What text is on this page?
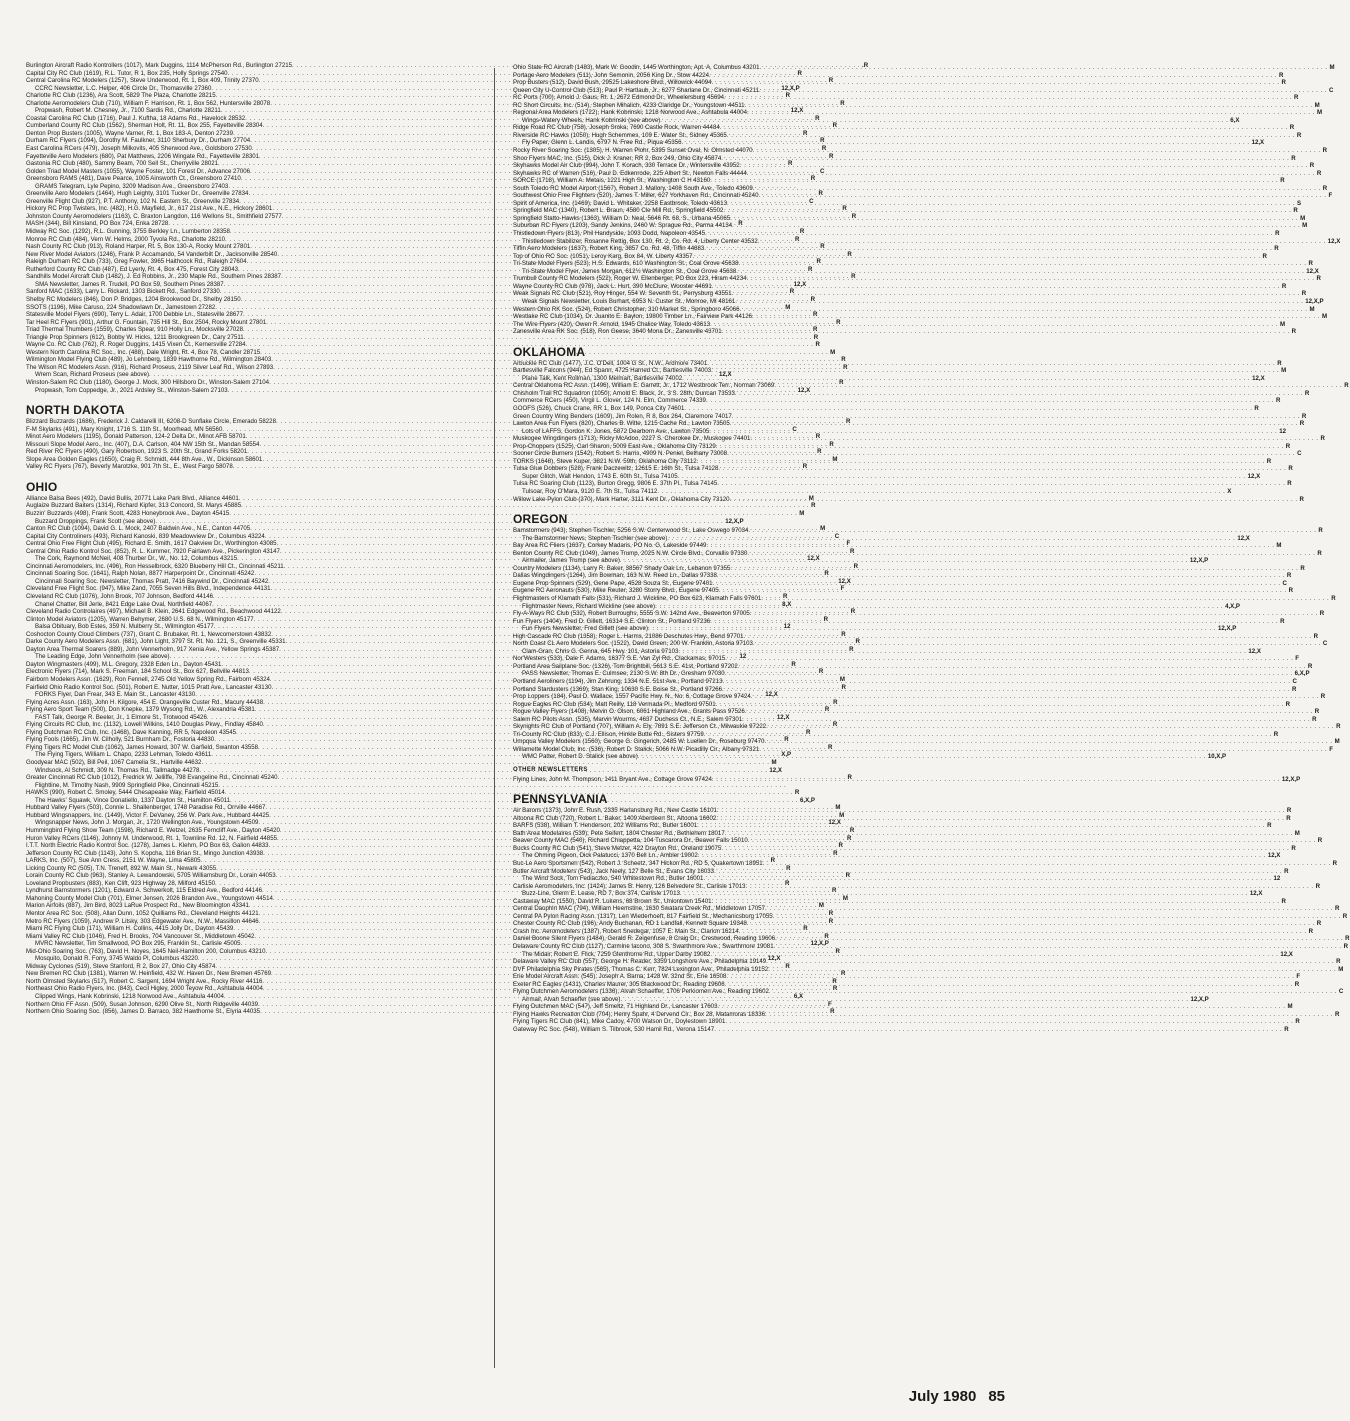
Burlington Aircraft Radio Kontrollers (1017), Mark Duggins, 1114 McPherson Rd., Burlington 27215 . . .	.R
Capital City RC Club (1619), R.L. Tutor, R 1, Box 235, Holly Springs 27540 . . .	R
Central Carolina RC Modelers (1257), Steve Underwood, Rt. 1, Box 409, Trinity 27370 . . .	R
CCRC Newsletter, L.C. Helper, 406 Circle Dr., Thomasville 27360 . . .	12,X,P
Charlotte RC Club (1236), Ara Scott, 5829 The Plaza, Charlotte 28215 . . .	R
Charlotte Aeromodelers Club (710), William F. Harrison, Rt. 1, Box 562, Huntersville 28078 . . .	R
Propwash, Robert M. Chesney, Jr., 7100 Sardis Rd., Charlotte 28211 . . .	12,X
Coastal Carolina RC Club (1716), Paul J. Kuftha, 18 Adams Rd., Havelock 28532 . . .	R
Cumberland County RC Club (1562), Sherman Holt, Rt. 11, Box 255, Fayetteville 28304 . . .	R
Denton Prop Busters (1005), Wayne Varner, Rt. 1, Box 183-A, Denton 27239 . . .	R
Durham RC Flyers (1094), Dorothy M. Faulkner, 3110 Sherbury Dr., Durham 27704 . . .	R
East Carolina RCers (479), Joseph Milkovits, 405 Sherwood Ave., Goldsboro 27530 . . .	R
Fayetteville Aero Modelers (680), Pat Matthews, 2206 Wingate Rd., Fayetteville 28301 . . .	R
Gastonia RC Club (480), Sammy Beam, 700 Sell St., Cherryville 28021 . . .	R
Golden Triad Model Masters (1055), Wayne Foster, 101 Forest Dr., Advance 27006 . . .	C
Greensboro RAMS (481), Dave Pearce, 1005 Ainsworth Ct., Greensboro 27410 . . .	R
GRAMS Telegram, Lyle Pepino, 3209 Madison Ave., Greensboro 27403
. . .
Greenville Aero Modelers (1464), Hugh Leighty, 3101 Tucker Dr., Greenville 27834 . . .	R
Greenville Flight Club (927), P.T. Anthony, 102 N. Eastern St., Greenville 27834 . . .	C
Hickory RC Prop Twisters, Inc. (482), H.G. Mayfield, Jr., 617 21st Ave., N.E., Hickory 28601 . . .	R
Johnston County Aeromodelers (1163), C. Braxton Langdon, 116 Wellons St., Smithfield 27577 . . .	R
MASH (344), Bill Kinsland, PO Box 724, Enka 28728 . . .	R
Midway RC Soc. (1292), R.L. Gunning, 3755 Berkley Ln., Lumberton 28358 . . .	R
Monroe RC Club (484), Vern W. Helms, 2000 Tyvola Rd., Charlotte 28210 . . .	R
Nash County RC Club (913), Roland Harper, Rt. 5, Box 130-A, Rocky Mount 27801 . . .	R
New River Model Aviators (1246), Frank P. Accamando, 54 Vanderbilt Dr., Jacksonville 28540 . . .	R
Raleigh Durham RC Club (733), Greg Fowler, 3965 Haithcock Rd., Raleigh 27604 . . .	R
Rutherford County RC Club (487), Ed Lyerly, Rt. 4, Box 475, Forest City 28043 . . .	R
Sandhills Model Aircraft Club (1482), J. Ed Robbins, Jr., 230 Maple Rd., Southern Pines 28387 . . .	R
SMA Newsletter, James R. Trudell, PO Box 59, Southern Pines 28387 . . .	12,X
Sanford MAC (1633), Larry L. Rickard, 1303 Bickett Rd., Sanford 27330 . . .	R
Shelby RC Modelers (846), Don P. Bridges, 1204 Brookwood Dr., Shelby 28150 . . .	R
SSOTS (1196), Mike Caruso, 224 Shadowlawn Dr., Jamestown 27282 . . .	M
Statesville Model Flyers (690), Terry L. Adair, 1700 Debbie Ln., Statesville 28677 . . .	R
Tar Heel RC Flyers (901), Arthur G. Fountain, 735 Hill St., Box 2504, Rocky Mount 27801 . . .	R
Triad Thermal Thumbers (1559), Charles Spear, 910 Holly Ln., Mocksville 27028 . . .	R
Triangle Prop Spinners (612), Bobby W. Hicks, 1211 Brookgreen Dr., Cary 27511 . . .	R
Wayne Co. RC Club (762), R. Roger Duggins, 1415 Vixen Ct., Kernersville 27284 . . .	R
Western North Carolina RC Soc., Inc. (488), Dale Wright, Rt. 4, Box 78, Candler 28715 . . .	M
Wilmington Model Flying Club (489), Jo Lehnberg, 1839 Hawthorne Rd., Wilmington 28403 . . .	R
The Wilson RC Modelers Assn. (916), Richard Proseus, 2119 Silver Leaf Rd., Wilson 27893 . . .	R
Wrem Scan, Richard Proseus (see above) . . .	12,X
Winston-Salem RC Club (1180), George J. Mock, 300 Hillsboro Dr., Winston-Salem 27104 . . .	R
Propwash, Tom Coppedge, Jr., 2021 Ardsley St., Winston-Salem 27103 . . .	12,X
NORTH DAKOTA
Blizzard Buzzards (1686), Frederick J. Caldarelli III, 6208-D Sunflake Circle, Emerado 58228 . . .	R
F-M Skylarks (491), Mary Knight, 1716 S. 11th St., Moorhead, MN 56560 . . .	C
Minot Aero Modelers (1195), Donald Patterson, 124-2 Delta Dr., Minot AFB 58701 . . .	R
Missouri Slope Model Aero., Inc. (407), D.A. Carlson, 404 NW 15th St., Mandan 58554 . . .	R
Red River RC Flyers (490), Gary Robertson, 1923 S. 20th St., Grand Forks 58201 . . .	R
Slope Area Golden Eagles (1650), Craig R. Schmidt, 444 8th Ave., W., Dickinson 58601 . . .	M
Valley RC Flyers (767), Beverly Marotzke, 901 7th St., E., West Fargo 58078 . . .	R
OHIO
Alliance Balsa Bees (492), David Bullis, 20771 Lake Park Blvd., Alliance 44601 . . .	M
Auglaize Buzzard Baiters (1314), Richard Kipfer, 313 Concord, St. Marys 45885 . . .	R
Buzzin' Buzzards (498), Frank Scott, 4283 Honeybrook Ave., Dayton 45415 . . .	M
Buzzard Droppings, Frank Scott (see above) . . .	12,X,P
Canton RC Club (1094), David G. L. Mock, 2407 Baldwin Ave., N.E., Canton 44705 . . .	M
Capital City Controliners (493), Richard Kanoski, 839 Meadowview Dr., Columbus 43224 . . .	C
Central Ohio Free Flight Club (495), Richard E. Smith, 1617 Oakview Dr., Worthington 43085 . . .	F
Central Ohio Radio Kontrol Soc. (852), R. L. Kummer, 7920 Fairlawn Ave., Pickerington 43147 . . .	R
The Cork, Raymond McNeil, 408 Thurber Dr., W., No. 12, Columbus 43215 . . .	12,X
Cincinnati Aeromodelers, Inc. (496), Ron Hesselbrock, 6320 Blueberry Hill Ct., Cincinnati 45211 . . .	R
Cincinnati Soaring Soc. (1641), Ralph Nolan, 8877 Harperpoint Dr., Cincinnati 45242 . . .	R
Cincinnati Soaring Soc. Newsletter, Thomas Pratt, 7416 Baywind Dr., Cincinnati 45242 . . .	12,X
Cleveland Free Flight Soc. (947), Mike Zand, 7055 Seven Hills Blvd., Independence 44131 . . .	F
Cleveland RC Club (1076), John Brook, 707 Johnson, Bedford 44146 . . .	R
Chanel Chatter, Bill Jerle, 8421 Edge Lake Oval, Northfield 44067 . . .	8,X
Cleveland Radio Controlaires (497), Michael B. Klein, 2641 Edgewood Rd., Beachwood 44122 . . .	R
Clinton Model Aviators (1205), Warren Behymer, 2680 U.S. 68 N., Wilmington 45177 . . .	R
Balsa Obituary, Bob Estes, 359 N. Mulberry St., Wilmington 45177 . . .	12
Coshocton County Cloud Climbers (737), Grant C. Brubaker, Rt. 1, Newcomerstown 43832 . . .	R
Darke County Aero Modelers Assn. (681), John Light, 3797 St. Rt. No. 121, S., Greenville 45331 . . .	R
Dayton Area Thermal Soarers (889), John Vennerholm, 917 Xenia Ave., Yellow Springs 45387 . . .	R
The Leading Edge, John Vennerholm (see above) . . .	12
Dayton Wingmasters (499), M.L. Gregory, 2328 Eden Ln., Dayton 45431 . . .	R
Electronic Flyers (714), Mark S. Freeman, 184 School St., Box 627, Bellville 44813 . . .	R
Fairborn Modelers Assn. (1629), Ron Fennell, 2745 Old Yellow Spring Rd., Fairborn 45324 . . .	M
Fairfield Ohio Radio Kontrol Soc. (501), Robert E. Nutter, 1015 Pratt Ave., Lancaster 43130 . . .	R
FORKS Flyer, Dan Frear, 343 E. Main St., Lancaster 43130 . . .	12,X
Flying Acres Assn. (163), John H. Kilgore, 454 E. Orangeville Custer Rd., Macury 44438 . . .	R
Flying Aero Sport Team (500), Don Knepke, 1379 Wysong Rd., W., Alexandria 45381 . . .	R
FAST Talk, George R. Beeler, Jr., 1 Elmore St., Trotwood 45426 . . .	12,X
Flying Circuits RC Club, Inc. (1132), Lowell Wilkins, 1410 Douglas Pkwy., Findlay 45840 . . .	R
Flying Dutchman RC Club, Inc. (1468), Dave Kanning, RR 5, Napoleon 43545 . . .	R
Flying Fools (1665), Jim W. Cilholly, 521 Burnham Dr., Fostoria 44830 . . .	R
Flying Tigers RC Model Club (1062), James Howard, 307 W. Garfield, Swanton 43558 . . .	R
The Flying Tigers, William L. Chapo, 2233 Lehman, Toledo 43611 . . .	X,P
Goodyear MAC (502), Bill Peil, 1067 Camelia St., Hartville 44632 . . .	M
Windsock, Al Schmidt, 309 N. Thomas Rd., Tallmadge 44278 . . .	12,X
Greater Cincinnati RC Club (1012), Fredrick W. Jelliffe, 798 Evangeline Rd., Cincinnati 45240 . . .	R
Flightline, M. Timothy Nash, 9909 Springfield Pike, Cincinnati 45215
. . .
HAWKS (990), Robert C. Smoley, 5444 Chesapeake Way, Fairfield 45014 . . .	R
The Hawks' Squawk, Vince Donatiello, 1337 Dayton St., Hamilton 45011 . . .	6,X,P
Hubbard Valley Flyers (503), Connie L. Shallenberger, 1748 Paradise Rd., Orrville 44667 . . .	M
Hubbard Wingsnappers, Inc. (1449), Victor F. DeVaney, 256 W. Park Ave., Hubbard 44425 . . .	M
Wingsnapper News, John J. Morgan, Jr., 1720 Wellington Ave., Youngstown 44509 . . .	12,X
Hummingbird Flying Show Team (1598), Richard E. Wetzel, 2635 Ferncliff Ave., Dayton 45420 . . .	R
Huron Valley RCers (1146), Johnny M. Underwood, Rt. 1, Townline Rd. 12, N. Fairfield 44855 . . .	R
I.T.T. North Electric Radio Kontrol Soc. (1278), James L. Klehm, PO Box 63, Galion 44833 . . .	R
Jefferson County RC Club (1143), John S. Kopcha, 116 Brian St., Mingo Junction 43938 . . .	R
LARKS, Inc. (507), Sue Ann Cress, 2151 W. Wayne, Lima 45805 . . .	R
Licking County RC (505), T.N. Treneff, 892 W. Main St., Newark 43055 . . .	R
Lorain County RC Club (963), Stanley A. Lewandowski, 5705 Williamsburg Dr., Lorain 44053 . . .	R
Loveland Propbusters (883), Ken Clift, 923 Highway 28, Milford 45150 . . .	R
Lyndhurst Barnstormers (1201), Edward A. Schwerkolt, 115 Eldred Ave., Bedford 44146 . . .	R
Mahoning County Model Club (701), Elmer Jensen, 2026 Brandon Ave., Youngstown 44514 . . .	M
Marion Airfoils (887), Jim Bird, 8023 LaRue Prospect Rd., New Bloomington 43341 . . .	M
Mentor Area RC Soc. (508), Allan Dunn, 1052 Quilliams Rd., Cleveland Heights 44121 . . .	R
Metro RC Flyers (1059), Andrew P. Litsky, 303 Edgewater Ave., N.W., Massillon 44646 . . .	R
Miami RC Flying Club (171), William H. Collins, 4415 Jolly Dr., Dayton 45439 . . .	R
Miami Valley RC Club (1046), Fred H. Brooks, 704 Vancouver St., Middletown 45042 . . .	R
MVRC Newsletter, Tim Smallwood, PO Box 295, Franklin St., Carlisle 45005 . . .	12,X,P
Mid-Ohio Soaring Soc. (763), David H. Noyes, 1645 Neil-Hamilton 200, Columbus 43210 . . .	R
Mosquito, Donald R. Forry, 3745 Waldo Pl, Columbus 43220 . . .	12,X
Midway Cyclones (519), Steve Stanford, R 2, Box 27, Ohio City 45874 . . .	R
New Bremen RC Club (1381), Warren W. Heinfield, 432 W. Haven Dr., New Bremen 45769 . . .	R
North Olmsted Skylarks (517), Robert C. Sargent, 1694 Wright Ave., Rocky River 44116 . . .	R
Northeast Ohio Radio Flyers, Inc. (843), Cecil Higley, 2000 Teyow Rd., Ashtabula 44004 . . .	R
Clipped Wings, Hank Kobrinski, 1218 Norwood Ave., Ashtabula 44004 . . .	6,X
Northern Ohio FF Assn. (509), Susan Johnson, 6290 Olive St., North Ridgeville 44039 . . .	F
Northern Ohio Soaring Soc. (856), James D. Barraco, 382 Hawthorne St., Elyria 44035 . . .	R
Ohio State RC Aircraft (1483), Mark W. Goodin, 1445 Worthington, Apt. A, Columbus 43201 . . .	M
Portage Aero Modelers (511), John Semonin, 2056 King Dr., Stow 44224 . . .	R
Prop Busters (512), David Bush, 29525 Lakeshore Blvd., Willowick 44094 . . .	R
Queen City U-Control Club (513), Paul P. Hartlaub, Jr., 6277 Sharlane Dr., Cincinnati 45211 . . .	C
RC Ports (700), Arnold J. Gaus, Rt. 1, 2672 Edmond Dr., Wheelersburg 45694 . . .	R
RC Short Circuits, Inc. (514), Stephen Mihalich, 4233 Claridge Dr., Youngstown 44511 . . .	M
Regional Area Modelers (1722), Hank Kobrinski, 1218 Norwood Ave., Ashtabula 44004 . . .	M
Wings-Watery Wheels, Hank Kobrinski (see above) . . .	6,X
Ridge Road RC Club (758), Joseph Sroka, 7690 Castle Rock, Warren 44484 . . .	R
Riverside RC Hawks (1050), Hugh Schemmes, 109 E. Water St., Sidney 45365 . . .	R
Fly Paper, Glenn L. Landis, 6797 N. Free Rd., Piqua 45356 . . .	12,X
Rocky River Soaring Soc. (1305), H. Warren Plohr, 5395 Sunset Oval, N. Olmsted 44070 . . .	R
Shoo Flyers MAC, Inc. (515), Dick J. Kraner, RR 2, Box 249, Ohio City 45874 . . .	R
Skyhawks Model Air Club (994), John T. Korach, 330 Terrace Dr., Wintersville 43952 . . .	R
Skyhawks RC of Warren (516), Paul D. Edkenrode, 225 Albert St., Newton Falls 44444 . . .	R
SORCE (1718), William A. Metais, 1221 High St., Washington C H 43160 . . .	R
South Toledo RC Model Airport (1567), Robert J. Mallory, 1408 South Ave., Toledo 43609 . . .	R
Southwest Ohio Free Flighters (520), James T. Miller, 627 Yorkhaven Rd., Cincinnati 45240 . . .	F
Spirit of America, Inc. (1469), David L. Whitaker, 2258 Eastbrook, Toledo 43613 . . .	S
Springfield MAC (1340), Robert L. Braun, 4580 Cle Mill Rd., Springfield 45502 . . .	R
Springfield Statto-Hawks (1363), William D. Neal, 5646 Rt. 68, S., Urbana 45065 . . .	M
Suburban RC Flyers (1203), Sandy Jenkins, 2460 W. Sprague Rd., Parma 44134 . . .	M
Thistledown Flyers (813), Phil Handyside, 1093 Dodd, Napoleon 43545 . . .	R
Thistledown Stabilizer, Rosanne Rettig, Box 130, Rt. 2, Co. Rd. 4, Liberty Center 43532 . . .	12,X
Tiffin Aero Modelers (1637), Robert King, 3857 Co. Rd. 48, Tiffin 44883 . . .	R
Top of Ohio RC Soc. (1051), Leroy Karg, Box 84, W. Liberty 43357 . . .	R
Tri-State Model Flyers (523), H.S. Edwards, 610 Washington St., Coal Grove 45638 . . .	R
Tri-State Model Flyer, James Morgan, 612½ Washington St., Coal Grove 45638 . . .	12,X
Trumbull County RC Modelers (522), Roger W. Ellenberger, PO Box 223, Hiram 44234 . . .	R
Wayne County RC Club (978), Jack L. Hurt, 390 McClure, Wooster 44691 . . .	R
Weak Signals RC Club (521), Roy Hinger, 554 W. Seventh St., Perrysburg 43551 . . .	R
Weak Signals Newsletter, Louis Burhart, 6953 N. Custer St., Monroe, MI 48161 . . .	12,X,P
Western Ohio RK Soc. (524), Robert Christopher, 310 Market St., Springboro 45066 . . .	M
Westlake RC Club (1034), Dr. Juanito E. Baylon, 19800 Timber Ln., Fairview Park 44126 . . .	M
The Wire Flyers (420), Owen R. Arnold, 1945 Chalice Way, Toledo 43613 . . .	M
Zanesville Area RK Soc. (518), Ron Geese, 3640 Mona Dr., Zanesville 43701 . . .	R
OKLAHOMA
Arbuckle RC Club (1477), J.C. O'Dell, 1004 G St., N.W., Ardmore 73401 . . .	R
Bartlesville Falcons (944), Ed Spann, 4725 Harned Ct., Bartlesville 74003 . . .	M
Plane Talk, Kent Rollman, 1300 Melmart, Bartlesville 74002 . . .	12,X
Central Oklahoma RC Assn. (1496), William E. Garrett, Jr., 1712 Westbrook Terr., Norman 73069 . . .	R
Chisholm Trail RC Squadron (1050), Arnold E. Black, Jr., 3 S. 28th, Duncan 73533 . . .	R
Commerce RCers (450), Virgil L. Glover, 124 N. Elm, Commerce 74339 . . .	R
GOOFS (526), Chuck Crane, RR 1, Box 149, Ponca City 74601 . . .	R
Green Country Wing Benders (1609), Jim Rolen, R 8, Box 264, Claremore 74017 . . .	R
Lawton Area Fun Flyers (820), Charles B. Witte, 1215 Cache Rd., Lawton 73505 . . .	R
Lots of LAFFS, Gordon K. Jones, 5872 Dearborn Ave., Lawton 73505 . . .	12
Muskogee Wingdingers (1713), Ricky McAdoo, 2227 S. Cherokee Dr., Muskogee 74401 . . .	R
Prop-Choppers (1525), Carl Sharon, 5009 East Ave., Oklahoma City 73129 . . .	R
Sooner Circle Burners (1542), Robert S. Harris, 4909 N. Peniel, Bethany 73008 . . .	C
TORKS (1648), Steve Kuper, 3821 N.W. 59th, Oklahoma City 73112 . . .	R
Tulsa Glue Dobbers (528), Frank Daczewitz, 12615 E. 16th St., Tulsa 74128 . . .	R
Super Glitch, Walt Hendon, 1743 E. 60th St., Tulsa 74105 . . .	12,X
Tulsa RC Soaring Club (1123), Burton Gregg, 9806 E. 37th Pl., Tulsa 74145 . . .	R
Tulsoar, Roy O'Mara, 9120 E. 7th St., Tulsa 74112 . . .	X
Willow Lake Pylon Club (370), Mark Harter, 3111 Kent Dr., Oklahoma City 73120 . . .	R
OREGON
Barnstormers (943), Stephen Tischler, 5256 S.W. Centerwood St., Lake Oswego 97034 . . .	R
The Barnstormer News, Stephen Tischler (see above) . . .	12,X
Bay Area RC Fliers (1637), Corkey Madaris, PO No. G, Lakeside 97449 . . .	M
Benton County RC Club (1049), James Trump, 2025 N.W. Circle Blvd., Corvallis 97330 . . .	R
Airmailer, James Trump (see above) . . .	12,X,P
Country Modelers (1134), Larry R. Baker, 38567 Shady Oak Ln., Lebanon 97355 . . .	R
Dallas Wingdingers (1264), Jim Bowman, 163 N.W. Reed Ln., Dallas 97338 . . .	R
Eugene Prop Spinners (529), Gene Pape, 4528 Souza St., Eugene 97401 . . .	C
Eugene RC Aeronauts (530), Mike Reuter, 3280 Storry Blvd., Eugene 97405 . . .	R
Flightmasters of Klamath Falls (531), Richard J. Wickline, PO Box 623, Klamath Falls 97601 . . .	R
Flightmaster News, Richard Wickline (see above) . . .	4,X,P
Fly-A-Ways RC Club (532), Robert Burroughs, 5555 S.W. 142nd Ave., Beaverton 97005 . . .	R
Fun Flyers (1404), Fred D. Gillett, 16314 S.E. Clinton St., Portland 97236 . . .	R
Fun Flyers Newsletter, Fred Gillett (see above) . . .	12,X,P
High Cascade RC Club (1358), Roger L. Harms, 21086 Deschutes Hwy., Bend 97701 . . .	R
North Coast CL Aero Modelers Soc. (1522), David Green, 200 W. Franklin, Astoria 97103 . . .	C
Clam-Gran, Chris G. Genna, 645 Hwy. 101, Astoria 97103 . . .	12,X
Nor'Westers (533), Dale F. Adams, 16377 S.E. Van Zyl Rd., Clackamas, 97015 . . .	F
Portland Area Sailplane Soc. (1326), Tom Brightbill, 5613 S.E. 41st, Portland 97202 . . .	R
PASS Newsletter, Thomas E. Culmsee, 2130 S.W. 8th Dr., Gresham 97030 . . .	6,X,P
Portland Aeroliners (1194), Jim Zehrung, 1334 N.E. 51st Ave., Portland 97213 . . .	C
Portland Stardusters (1369), Stan King, 10630 S.E. Boise St., Portland 97266 . . .	R
Prop Loppers (184), Paul D. Wallace, 1557 Pacific Hwy. N., No. 6, Cottage Grove 97424 . . .	R
Rogue Eagles RC Club (534), Matt Reilly, 118 Vermada Pl., Medford 97501 . . .	R
Rogue Valley Flyers (1408), Melvin O. Olson, 6061 Highland Ave., Grants Pass 97526 . . .	R
Salem RC Pilots Assn. (535), Marvin Wourms, 4637 Duchess Ct., N.E., Salem 97301 . . .	R
Skynights RC Club of Portland (707), William A. Ely, 7891 S.E. Jefferson Ct., Milwaukie 97222 . . .	R
Tri-County RC Club (833), C.J. Ellison, Hinkle Butte Rd., Sisters 97759 . . .	R
Umpqua Valley Modelers (1560), George G. Gingerich, 2485 W. Luellen Dr., Roseburg 97470 . . .	M
Willamette Model Club, Inc. (536), Robert D. Stalick, 5066 N.W. Picadilly Cir., Albany 97321 . . .	F
WMC Patter, Robert D. Stalick (see above) . . .	10,X,P
OTHER NEWSLETTERS
Flying Lines, John M. Thompson, 1411 Bryant Ave., Cottage Grove 97424 . . .	12,X,P
PENNSYLVANIA
Air Barons (1373), John E. Rush, 2335 Harlansburg Rd., New Castle 16101 . . .	R
Altoona RC Club (720), Robert L. Baker, 1409 Aberdeen St., Altoona 16602 . . .	R
BARFS (538), William T. Henderson, 202 Williams Rd., Butler 16001 . . .	R
Bath Area Modelaires (539), Pete Seifert, 1804 Chester Rd., Bethlehem 18017 . . .	M
Beaver County MAC (540), Richard Chiappetta, 104 Tuscarora Dr., Beaver Falls 15010 . . .	R
Bucks County RC Club (541), Steve Melzer, 422 Drayton Rd., Oreland 19075 . . .	R
The Ohming Pigeon, Dick Palatucci, 1370 Bell Ln., Ambler 19002 . . .	12,X
Buc-Le Aero Sportsmen (542), Robert J. Scheetz, 347 Hickon Rd., RD 5, Quakertown 18951 . . .	R
Butler Aircraft Modelers (543), Jack Neely, 127 Belle St., Evans City 16033 . . .	R
The Wind Sock, Tom Fediaczko, 540 Whitestown Rd., Butler 16001 . . .	12
Carlisle Aeromodelers, Inc. (1424), James B. Henry, 126 Belvedere St., Carlisle 17013 . . .	R
Buzz-Line, Glenn E. Lease, RD 7, Box 374, Carlisle 17013 . . .	12,X
Castaway MAC (1550), David R. Lukens, 68 Brown St., Uniontown 15401 . . .	R
Central Dauphin MAC (794), William Heemstine, 1630 Swatara Creek Rd., Middletown 17057 . . .	R
Central PA Pylon Racing Assn. (1317), Len Wiederhoeft, 817 Fairfield St., Mechanicsburg 17055 . . .	R
Chester County RC Club (196), Andy Buchanan, RD 1 Landfall, Kennett Square 19348 . . .	R
Crash Inc. Aeromodelers (1387), Robert Snedegar, 1057 E. Main St., Clarion 16214 . . .	R
Daniel Boone Silent Flyers (1484), Gerald R. Zeigenfuse, 8 Craig Dr., Crestwood, Reading 19606 . . .	R
Delaware County RC Club (1127), Carmine Iacono, 308 S. Swarthmore Ave., Swarthmore 19081 . . .	R
The Midair, Robert E. Flick, 7259 Glenthorne Rd., Upper Darby 19082 . . .	12,X
Delaware Valley RC Club (557), George H. Reader, 3359 Longshore Ave., Philadelphia 19149 . . .	R
DVF Philadelphia Sky Pirates (565), Thomas C. Kerr, 7824 Lexington Ave., Philadelphia 19152 . . .	M
Erie Model Aircraft Assn. (545), Joseph A. Barna, 1428 W. 32nd St., Erie 16508 . . .	F
Exeter RC Eagles (1431), Charles Maurer, 305 Blackwood Dr., Reading 19606 . . .	R
Flying Dutchmen Aeromodelers (1336), Alvah Schaeffer, 1706 Perkiomen Ave., Reading 19602 . . .	C
Airmail, Alvah Schaeffer (see above) . . .	12,X,P
Flying Dutchmen MAC (547), Jeff Smeltz, 71 Highland Dr., Lancaster 17603 . . .	M
Flying Hawks Recreation Club (704), Henry Spahr, 4 Dervend Cir., Box 28, Matamoras 18336 . . .	R
Flying Tigers RC Club (841), Mike Cadoy, 4700 Watson Dr., Doylestown 18901 . . .	R
Gateway RC Soc. (548), William S. Tilbrook, 530 Hamil Rd., Verona 15147 . . .	R
July 1980 85
